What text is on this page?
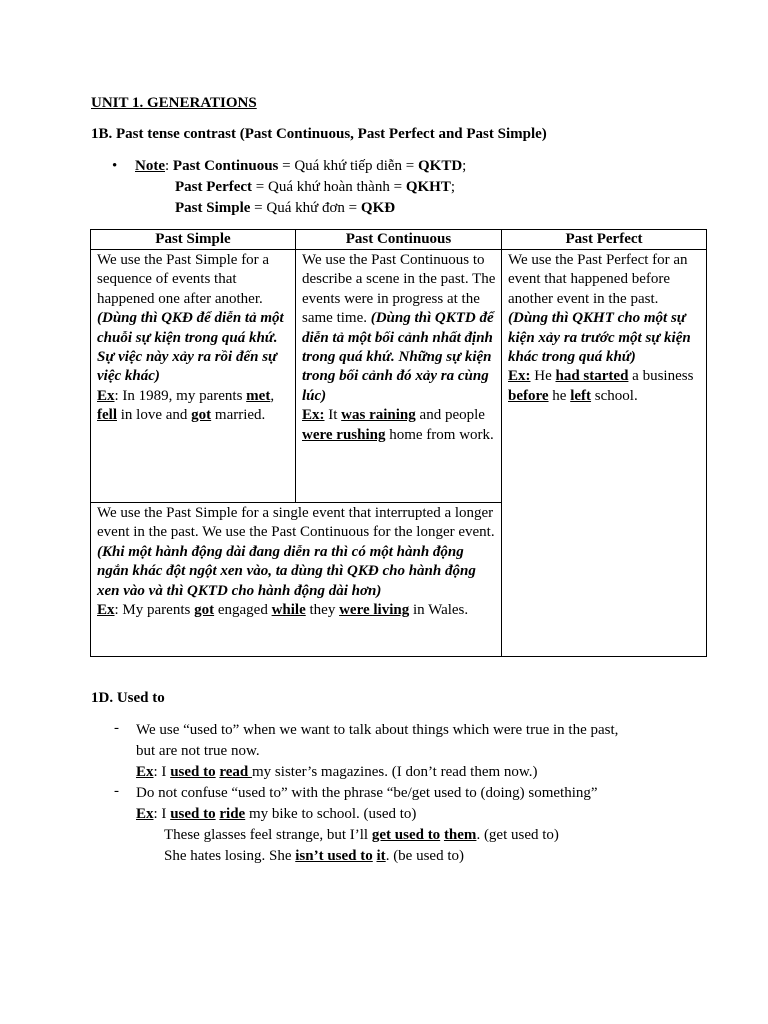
UNIT 1. GENERATIONS
1B. Past tense contrast (Past Continuous, Past Perfect and Past Simple)
• Note: Past Continuous = Quá khứ tiếp diễn = QKTD;
Past Perfect = Quá khứ hoàn thành = QKHT;
Past Simple = Quá khứ đơn = QKĐ
Past Simple	Past Continuous	Past Perfect
We use the Past Simple for a sequence of events that happened one after another. (Dùng thì QKĐ để diễn tả một chuỗi sự kiện trong quá khứ. Sự việc này xảy ra rồi đến sự việc khác)
Ex: In 1989, my parents met, fell in love and got married.
We use the Past Continuous to describe a scene in the past. The events were in progress at the same time. (Dùng thì QKTD để diễn tả một bối cảnh nhất định trong quá khứ. Những sự kiện trong bối cảnh đó xảy ra cùng lúc)
Ex: It was raining and people were rushing home from work.
We use the Past Perfect for an event that happened before another event in the past. (Dùng thì QKHT cho một sự kiện xảy ra trước một sự kiện khác trong quá khứ)
Ex: He had started a business before he left school.
We use the Past Simple for a single event that interrupted a longer event in the past. We use the Past Continuous for the longer event. (Khi một hành động dài đang diễn ra thì có một hành động ngắn khác đột ngột xen vào, ta dùng thì QKĐ cho hành động xen vào và thì QKTD cho hành động dài hơn)
Ex: My parents got engaged while they were living in Wales.
1D. Used to
- We use “used to” when we want to talk about things which were true in the past,
but are not true now.
Ex: I used to read my sister’s magazines. (I don’t read them now.)
- Do not confuse “used to” with the phrase “be/get used to (doing) something”
Ex: I used to ride my bike to school. (used to)
These glasses feel strange, but I’ll get used to them. (get used to)
She hates losing. She isn’t used to it. (be used to)
